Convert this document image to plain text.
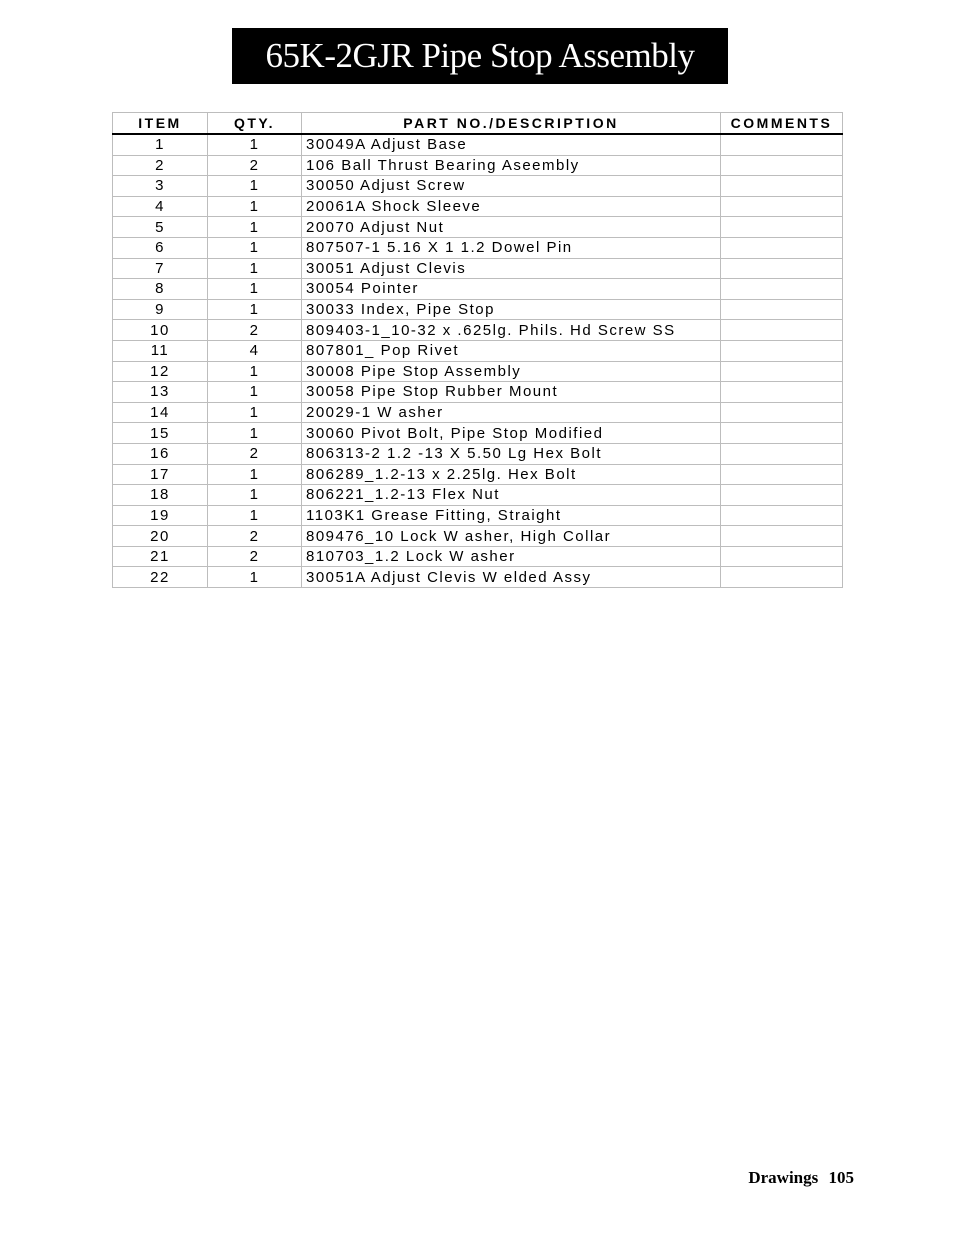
65K-2GJR Pipe Stop Assembly
ITEM	QTY.	PART NO./DESCRIPTION	COMMENTS
1	1	30049A Adjust Base	
2	2	106 Ball Thrust Bearing Aseembly	
3	1	30050 Adjust Screw	
4	1	20061A Shock Sleeve	
5	1	20070 Adjust Nut	
6	1	807507-1 5.16 X 1 1.2 Dowel Pin	
7	1	30051 Adjust Clevis	
8	1	30054 Pointer	
9	1	30033 Index, Pipe Stop	
10	2	809403-1_10-32 x .625lg. Phils. Hd Screw SS	
11	4	807801_ Pop Rivet	
12	1	30008 Pipe Stop Assembly	
13	1	30058 Pipe Stop Rubber Mount	
14	1	20029-1 W asher	
15	1	30060 Pivot Bolt, Pipe Stop Modified	
16	2	806313-2 1.2 -13 X 5.50 Lg Hex Bolt	
17	1	806289_1.2-13 x 2.25lg. Hex Bolt	
18	1	806221_1.2-13 Flex Nut	
19	1	1103K1 Grease Fitting, Straight	
20	2	809476_10 Lock W asher, High Collar	
21	2	810703_1.2 Lock W asher	
22	1	30051A Adjust Clevis W elded Assy	
Drawings 105
